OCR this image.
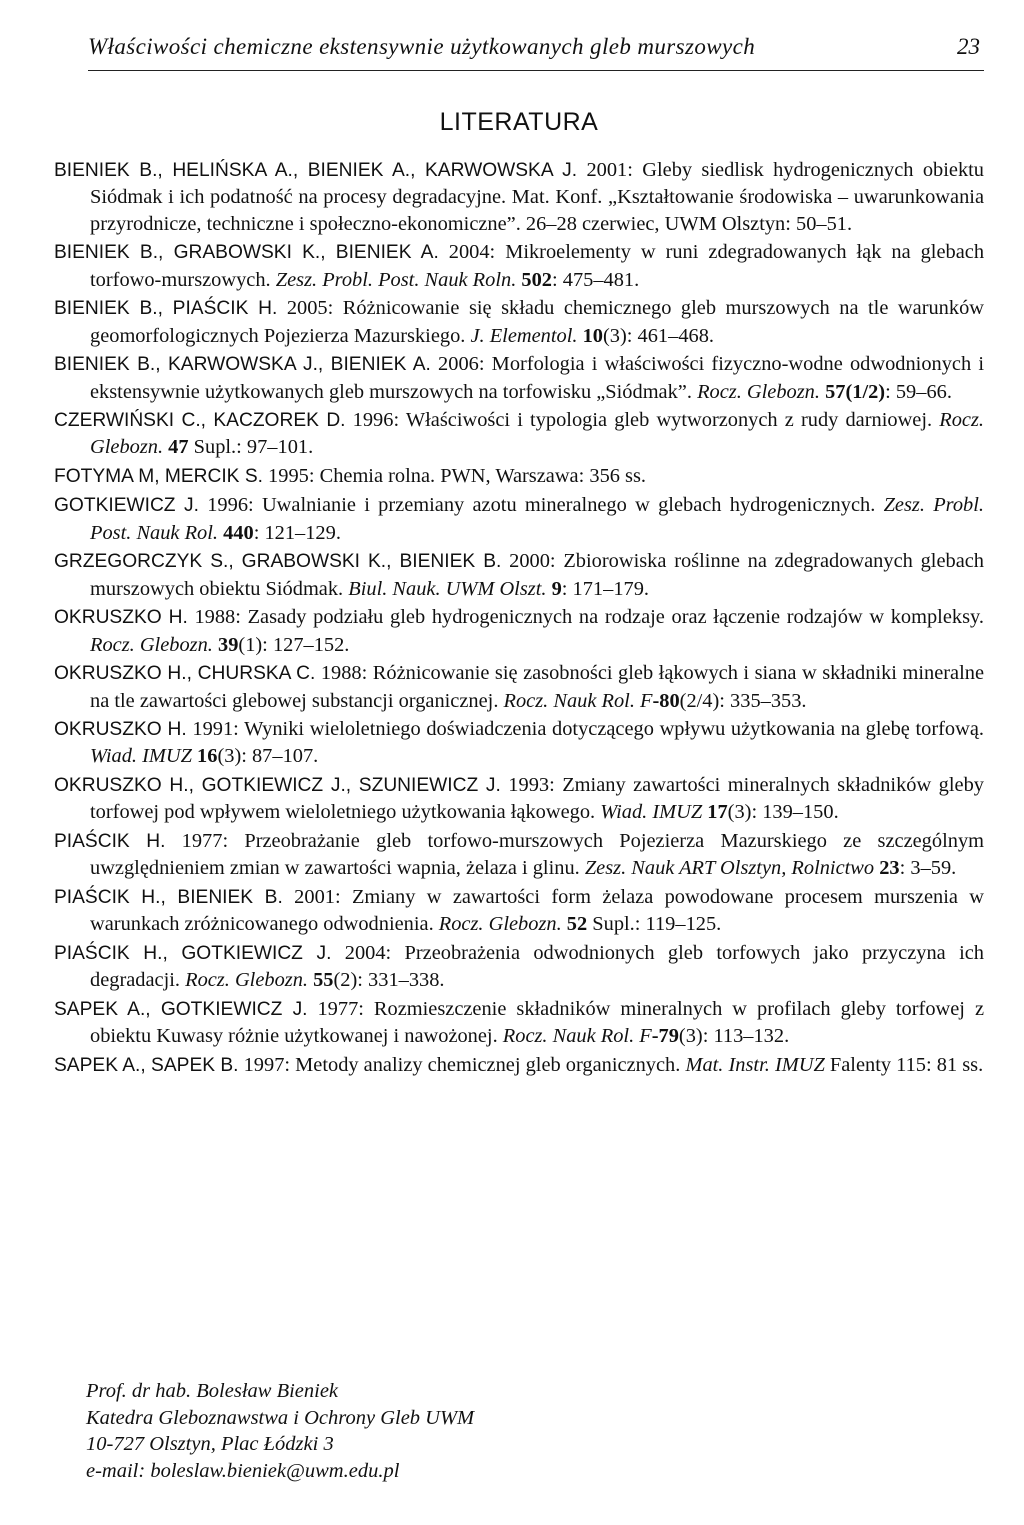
Właściwości chemiczne ekstensywnie użytkowanych gleb murszowych	23
LITERATURA
BIENIEK B., HELIŃSKA A., BIENIEK A., KARWOWSKA J. 2001: Gleby siedlisk hydrogenicznych obiektu Siódmak i ich podatność na procesy degradacyjne. Mat. Konf. „Kształtowanie środowiska – uwarunkowania przyrodnicze, techniczne i społeczno-ekonomiczne”. 26–28 czerwiec, UWM Olsztyn: 50–51.
BIENIEK B., GRABOWSKI K., BIENIEK A. 2004: Mikroelementy w runi zdegradowanych łąk na glebach torfowo-murszowych. Zesz. Probl. Post. Nauk Roln. 502: 475–481.
BIENIEK B., PIAŚCIK H. 2005: Różnicowanie się składu chemicznego gleb murszowych na tle warunków geomorfologicznych Pojezierza Mazurskiego. J. Elementol. 10(3): 461–468.
BIENIEK B., KARWOWSKA J., BIENIEK A. 2006: Morfologia i właściwości fizyczno-wodne odwodnionych i ekstensywnie użytkowanych gleb murszowych na torfowisku „Siódmak”. Rocz. Glebozn. 57(1/2): 59–66.
CZERWIŃSKI C., KACZOREK D. 1996: Właściwości i typologia gleb wytworzonych z rudy darniowej. Rocz. Glebozn. 47 Supl.: 97–101.
FOTYMA M, MERCIK S. 1995: Chemia rolna. PWN, Warszawa: 356 ss.
GOTKIEWICZ J. 1996: Uwalnianie i przemiany azotu mineralnego w glebach hydrogenicznych. Zesz. Probl. Post. Nauk Rol. 440: 121–129.
GRZEGORCZYK S., GRABOWSKI K., BIENIEK B. 2000: Zbiorowiska roślinne na zdegradowanych glebach murszowych obiektu Siódmak. Biul. Nauk. UWM Olszt. 9: 171–179.
OKRUSZKO H. 1988: Zasady podziału gleb hydrogenicznych na rodzaje oraz łączenie rodzajów w kompleksy. Rocz. Glebozn. 39(1): 127–152.
OKRUSZKO H., CHURSKA C. 1988: Różnicowanie się zasobności gleb łąkowych i siana w składniki mineralne na tle zawartości glebowej substancji organicznej. Rocz. Nauk Rol. F-80(2/4): 335–353.
OKRUSZKO H. 1991: Wyniki wieloletniego doświadczenia dotyczącego wpływu użytkowania na glebę torfową. Wiad. IMUZ 16(3): 87–107.
OKRUSZKO H., GOTKIEWICZ J., SZUNIEWICZ J. 1993: Zmiany zawartości mineralnych składników gleby torfowej pod wpływem wieloletniego użytkowania łąkowego. Wiad. IMUZ 17(3): 139–150.
PIAŚCIK H. 1977: Przeobrażanie gleb torfowo-murszowych Pojezierza Mazurskiego ze szczególnym uwzględnieniem zmian w zawartości wapnia, żelaza i glinu. Zesz. Nauk ART Olsztyn, Rolnictwo 23: 3–59.
PIAŚCIK H., BIENIEK B. 2001: Zmiany w zawartości form żelaza powodowane procesem murszenia w warunkach zróżnicowanego odwodnienia. Rocz. Glebozn. 52 Supl.: 119–125.
PIAŚCIK H., GOTKIEWICZ J. 2004: Przeobrażenia odwodnionych gleb torfowych jako przyczyna ich degradacji. Rocz. Glebozn. 55(2): 331–338.
SAPEK A., GOTKIEWICZ J. 1977: Rozmieszczenie składników mineralnych w profilach gleby torfowej z obiektu Kuwasy różnie użytkowanej i nawożonej. Rocz. Nauk Rol. F-79(3): 113–132.
SAPEK A., SAPEK B. 1997: Metody analizy chemicznej gleb organicznych. Mat. Instr. IMUZ Falenty 115: 81 ss.
Prof. dr hab. Bolesław Bieniek
Katedra Gleboznawstwa i Ochrony Gleb UWM
10-727 Olsztyn, Plac Łódzki 3
e-mail: boleslaw.bieniek@uwm.edu.pl
